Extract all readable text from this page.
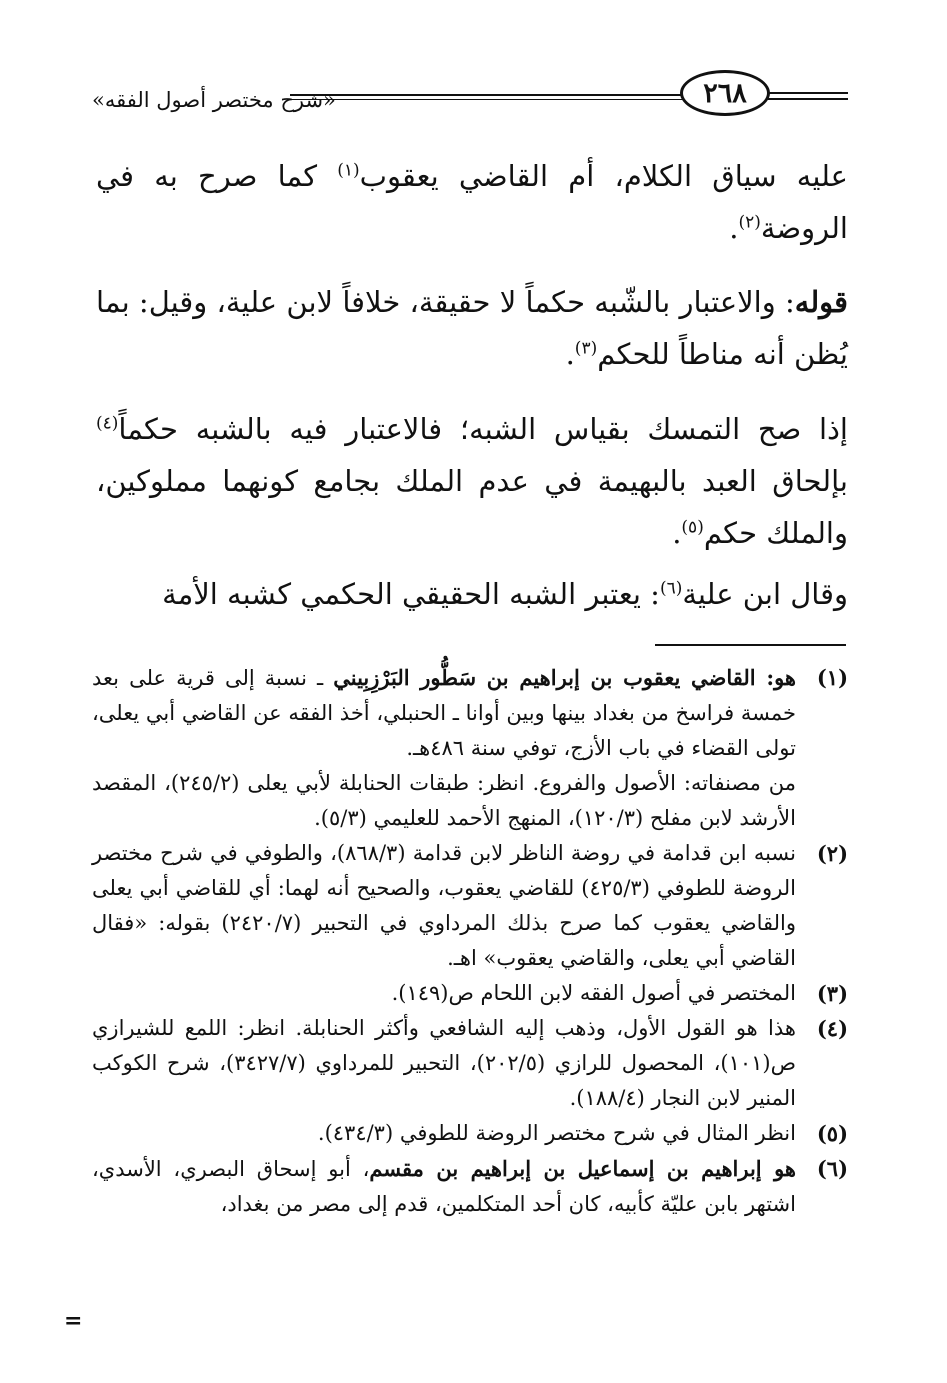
٢٦٨
«شرح مختصر أصول الفقه»
عليه سياق الكلام، أم القاضي يعقوب$^{(١)}$ كما صرح به في الروضة$^{(٢)}$.
قوله: والاعتبار بالشّبه حكماً لا حقيقة، خلافاً لابن علية، وقيل: بما يُظن أنه مناطاً للحكم$^{(٣)}$.
إذا صح التمسك بقياس الشبه؛ فالاعتبار فيه بالشبه حكماً$^{(٤)}$ بإلحاق العبد بالبهيمة في عدم الملك بجامع كونهما مملوكين، والملك حكم$^{(٥)}$.
وقال ابن علية$^{(٦)}$: يعتبر الشبه الحقيقي الحكمي كشبه الأمة
(١)

هو: القاضي يعقوب بن إبراهيم بن سَطُّور البَرْزِبِيني ـ نسبة إلى قرية على بعد خمسة فراسخ من بغداد بينها وبين أوانا ـ الحنبلي، أخذ الفقه عن القاضي أبي يعلى، تولى القضاء في باب الأزج، توفي سنة ٤٨٦هـ.

من مصنفاته: الأصول والفروع. انظر: طبقات الحنابلة لأبي يعلى (٢٤٥/٢)، المقصد الأرشد لابن مفلح (١٢٠/٣)، المنهج الأحمد للعليمي (٥/٣).

(٢)

نسبه ابن قدامة في روضة الناظر لابن قدامة (٨٦٨/٣)، والطوفي في شرح مختصر الروضة للطوفي (٤٢٥/٣) للقاضي يعقوب، والصحيح أنه لهما: أي للقاضي أبي يعلى والقاضي يعقوب كما صرح بذلك المرداوي في التحبير (٢٤٢٠/٧) بقوله: «فقال القاضي أبي يعلى، والقاضي يعقوب» اهـ.

(٣)

المختصر في أصول الفقه لابن اللحام ص(١٤٩).

(٤)

هذا هو القول الأول، وذهب إليه الشافعي وأكثر الحنابلة. انظر: اللمع للشيرازي ص(١٠١)، المحصول للرازي (٢٠٢/٥)، التحبير للمرداوي (٣٤٢٧/٧)، شرح الكوكب المنير لابن النجار (١٨٨/٤).

(٥)

انظر المثال في شرح مختصر الروضة للطوفي (٤٣٤/٣).

(٦)

هو إبراهيم بن إسماعيل بن إبراهيم بن مقسم، أبو إسحاق البصري، الأسدي، اشتهر بابن عليّة كأبيه، كان أحد المتكلمين، قدم إلى مصر من بغداد،

=
